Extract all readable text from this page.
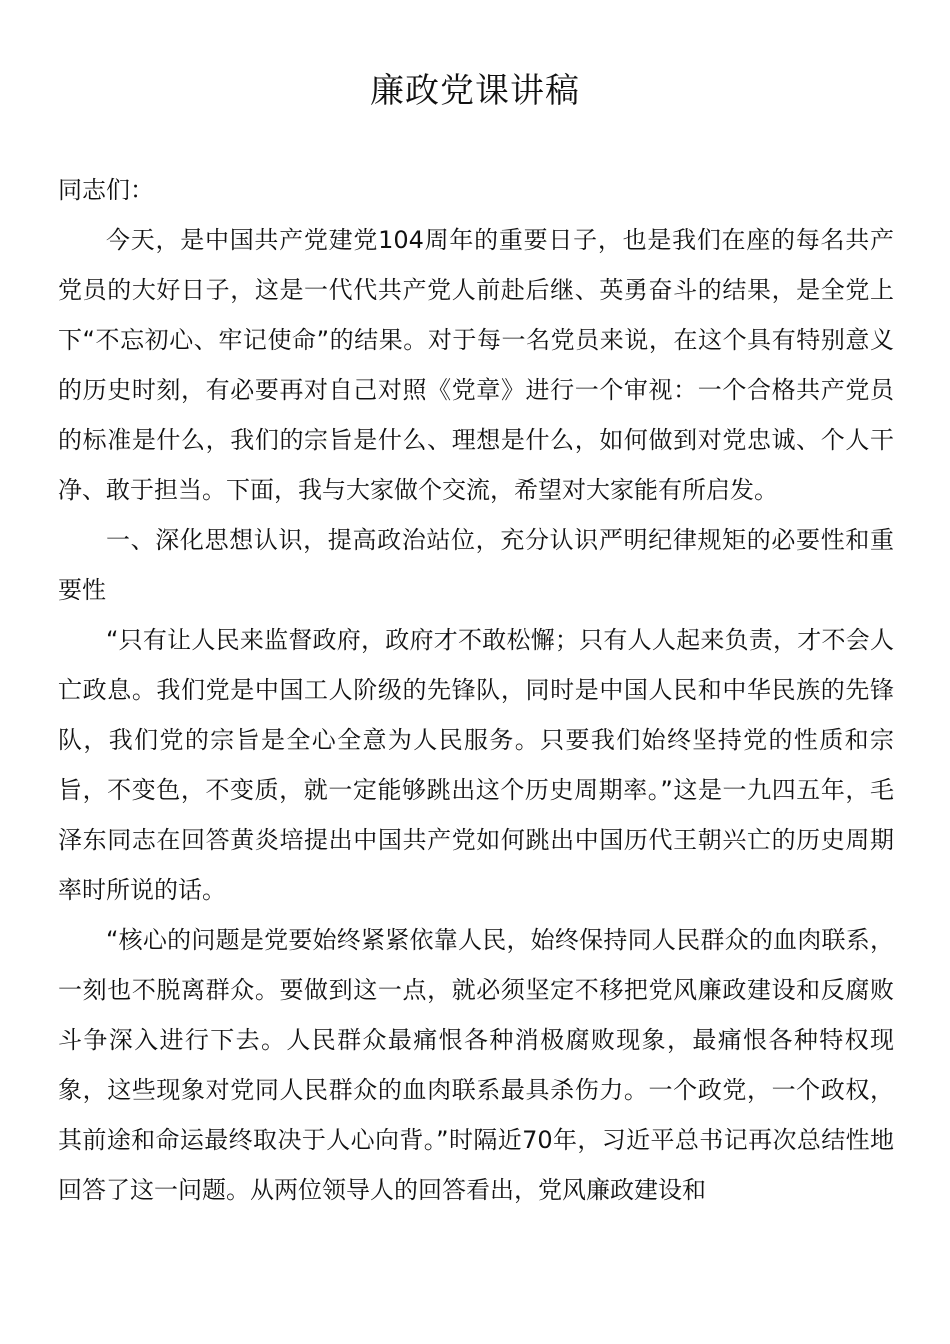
廉政党课讲稿

同志们：

今天，是中国共产党建党104周年的重要日子，也是我们在座的每名共产党员的大好日子，这是一代代共产党人前赴后继、英勇奋斗的结果，是全党上下“不忘初心、牢记使命”的结果。对于每一名党员来说，在这个具有特别意义的历史时刻，有必要再对自己对照《党章》进行一个审视：一个合格共产党员的标准是什么，我们的宗旨是什么、理想是什么，如何做到对党忠诚、个人干净、敢于担当。下面，我与大家做个交流，希望对大家能有所启发。

一、深化思想认识，提高政治站位，充分认识严明纪律规矩的必要性和重要性

“只有让人民来监督政府，政府才不敢松懈；只有人人起来负责，才不会人亡政息。我们党是中国工人阶级的先锋队，同时是中国人民和中华民族的先锋队，我们党的宗旨是全心全意为人民服务。只要我们始终坚持党的性质和宗旨，不变色，不变质，就一定能够跳出这个历史周期率。”这是一九四五年，毛泽东同志在回答黄炎培提出中国共产党如何跳出中国历代王朝兴亡的历史周期率时所说的话。

“核心的问题是党要始终紧紧依靠人民，始终保持同人民群众的血肉联系，一刻也不脱离群众。要做到这一点，就必须坚定不移把党风廉政建设和反腐败斗争深入进行下去。人民群众最痛恨各种消极腐败现象，最痛恨各种特权现象，这些现象对党同人民群众的血肉联系最具杀伤力。一个政党，一个政权，其前途和命运最终取决于人心向背。”时隔近70年，习近平总书记再次总结性地回答了这一问题。从两位领导人的回答看出，党风廉政建设和
